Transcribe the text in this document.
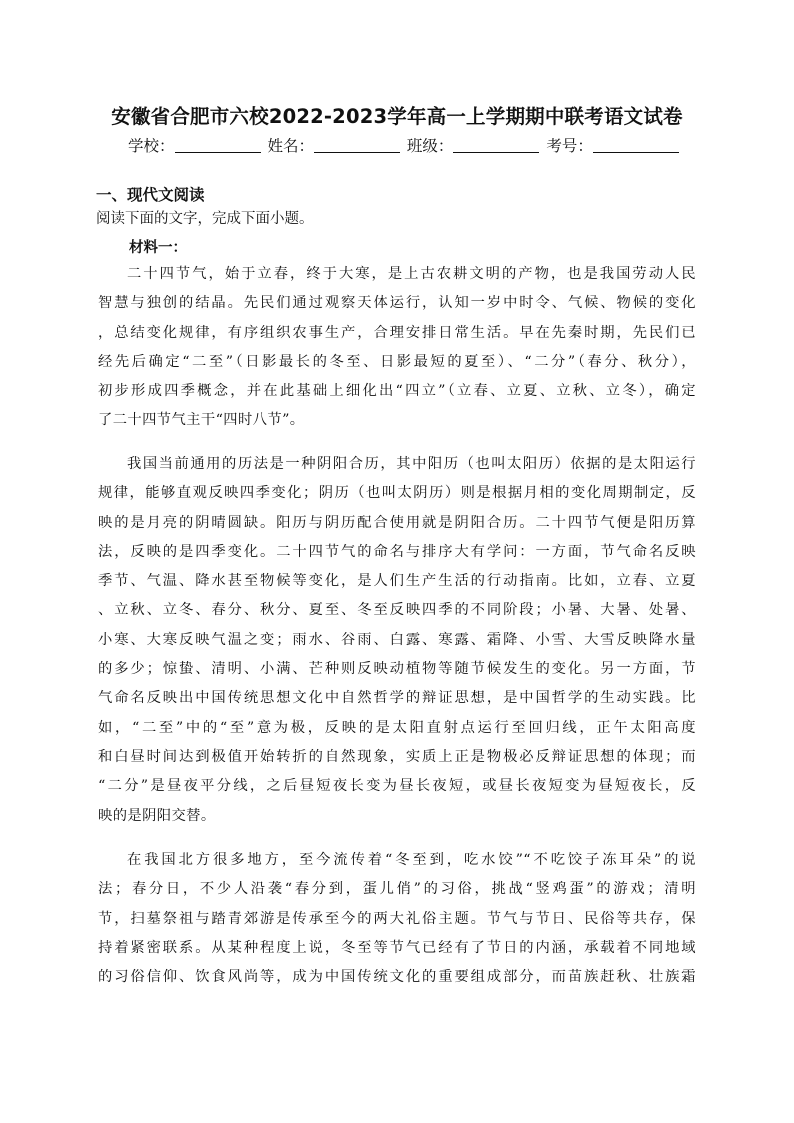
安徽省合肥市六校2022-2023学年高一上学期期中联考语文试卷
学校：	姓名：	班级：	考号：
一、现代文阅读
阅读下面的文字，完成下面小题。
材料一：
二十四节气，始于立春，终于大寒，是上古农耕文明的产物，也是我国劳动人民
智慧与独创的结晶。先民们通过观察天体运行，认知一岁中时令、气候、物候的变化
，总结变化规律，有序组织农事生产，合理安排日常生活。早在先秦时期，先民们已
经先后确定“二至”（日影最长的冬至、日影最短的夏至）、“二分”（春分、秋分），
初步形成四季概念，并在此基础上细化出“四立”（立春、立夏、立秋、立冬），确定
了二十四节气主干“四时八节”。
我国当前通用的历法是一种阴阳合历，其中阳历（也叫太阳历）依据的是太阳运行
规律，能够直观反映四季变化；阴历（也叫太阴历）则是根据月相的变化周期制定，反
映的是月亮的阴晴圆缺。阳历与阴历配合使用就是阴阳合历。二十四节气便是阳历算
法，反映的是四季变化。二十四节气的命名与排序大有学问：一方面，节气命名反映
季节、气温、降水甚至物候等变化，是人们生产生活的行动指南。比如，立春、立夏
、立秋、立冬、春分、秋分、夏至、冬至反映四季的不同阶段；小暑、大暑、处暑、
小寒、大寒反映气温之变；雨水、谷雨、白露、寒露、霜降、小雪、大雪反映降水量
的多少；惊蛰、清明、小满、芒种则反映动植物等随节候发生的变化。另一方面，节
气命名反映出中国传统思想文化中自然哲学的辩证思想，是中国哲学的生动实践。比
如，“二至”中的“至”意为极，反映的是太阳直射点运行至回归线，正午太阳高度
和白昼时间达到极值开始转折的自然现象，实质上正是物极必反辩证思想的体现；而
“二分”是昼夜平分线，之后昼短夜长变为昼长夜短，或昼长夜短变为昼短夜长，反
映的是阴阳交替。
在我国北方很多地方，至今流传着“冬至到，吃水饺”“不吃饺子冻耳朵”的说
法；春分日，不少人沿袭“春分到，蛋儿俏”的习俗，挑战“竖鸡蛋”的游戏；清明
节，扫墓祭祖与踏青郊游是传承至今的两大礼俗主题。节气与节日、民俗等共存，保
持着紧密联系。从某种程度上说，冬至等节气已经有了节日的内涵，承载着不同地域
的习俗信仰、饮食风尚等，成为中国传统文化的重要组成部分，而苗族赶秋、壮族霜
